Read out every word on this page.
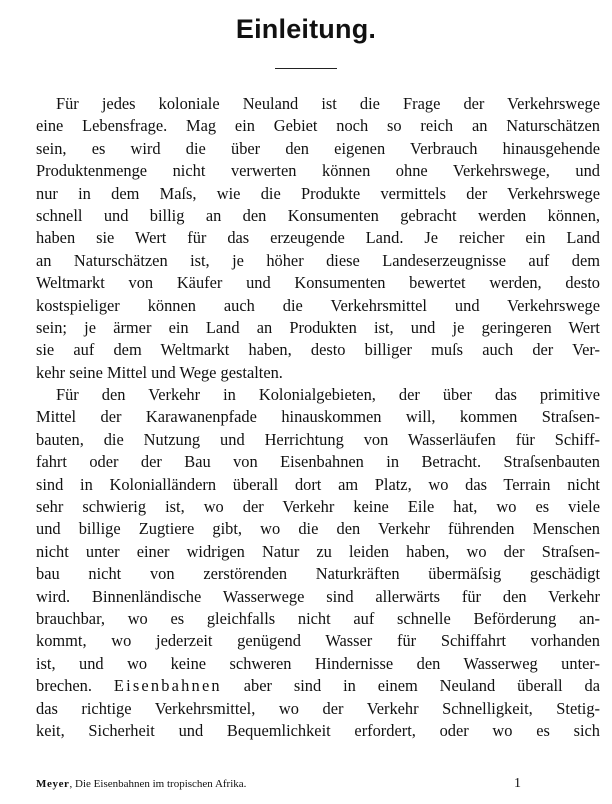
Einleitung.
Für jedes koloniale Neuland ist die Frage der Verkehrswege
eine Lebensfrage. Mag ein Gebiet noch so reich an Naturschätzen
sein, es wird die über den eigenen Verbrauch hinausgehende
Produktenmenge nicht verwerten können ohne Verkehrswege, und
nur in dem Maſs, wie die Produkte vermittels der Verkehrswege
schnell und billig an den Konsumenten gebracht werden können,
haben sie Wert für das erzeugende Land. Je reicher ein Land
an Naturschätzen ist, je höher diese Landeserzeugnisse auf dem
Weltmarkt von Käufer und Konsumenten bewertet werden, desto
kostspieliger können auch die Verkehrsmittel und Verkehrswege
sein; je ärmer ein Land an Produkten ist, und je geringeren Wert
sie auf dem Weltmarkt haben, desto billiger muſs auch der Ver-
kehr seine Mittel und Wege gestalten.
Für den Verkehr in Kolonialgebieten, der über das primitive
Mittel der Karawanenpfade hinauskommen will, kommen Straſsen-
bauten, die Nutzung und Herrichtung von Wasserläufen für Schiff-
fahrt oder der Bau von Eisenbahnen in Betracht. Straſsenbauten
sind in Kolonialländern überall dort am Platz, wo das Terrain nicht
sehr schwierig ist, wo der Verkehr keine Eile hat, wo es viele
und billige Zugtiere gibt, wo die den Verkehr führenden Menschen
nicht unter einer widrigen Natur zu leiden haben, wo der Straſsen-
bau nicht von zerstörenden Naturkräften übermäſsig geschädigt
wird. Binnenländische Wasserwege sind allerwärts für den Verkehr
brauchbar, wo es gleichfalls nicht auf schnelle Beförderung an-
kommt, wo jederzeit genügend Wasser für Schiffahrt vorhanden
ist, und wo keine schweren Hindernisse den Wasserweg unter-
brechen. Eisenbahnen aber sind in einem Neuland überall da
das richtige Verkehrsmittel, wo der Verkehr Schnelligkeit, Stetig-
keit, Sicherheit und Bequemlichkeit erfordert, oder wo es sich
Meyer, Die Eisenbahnen im tropischen Afrika.	1
